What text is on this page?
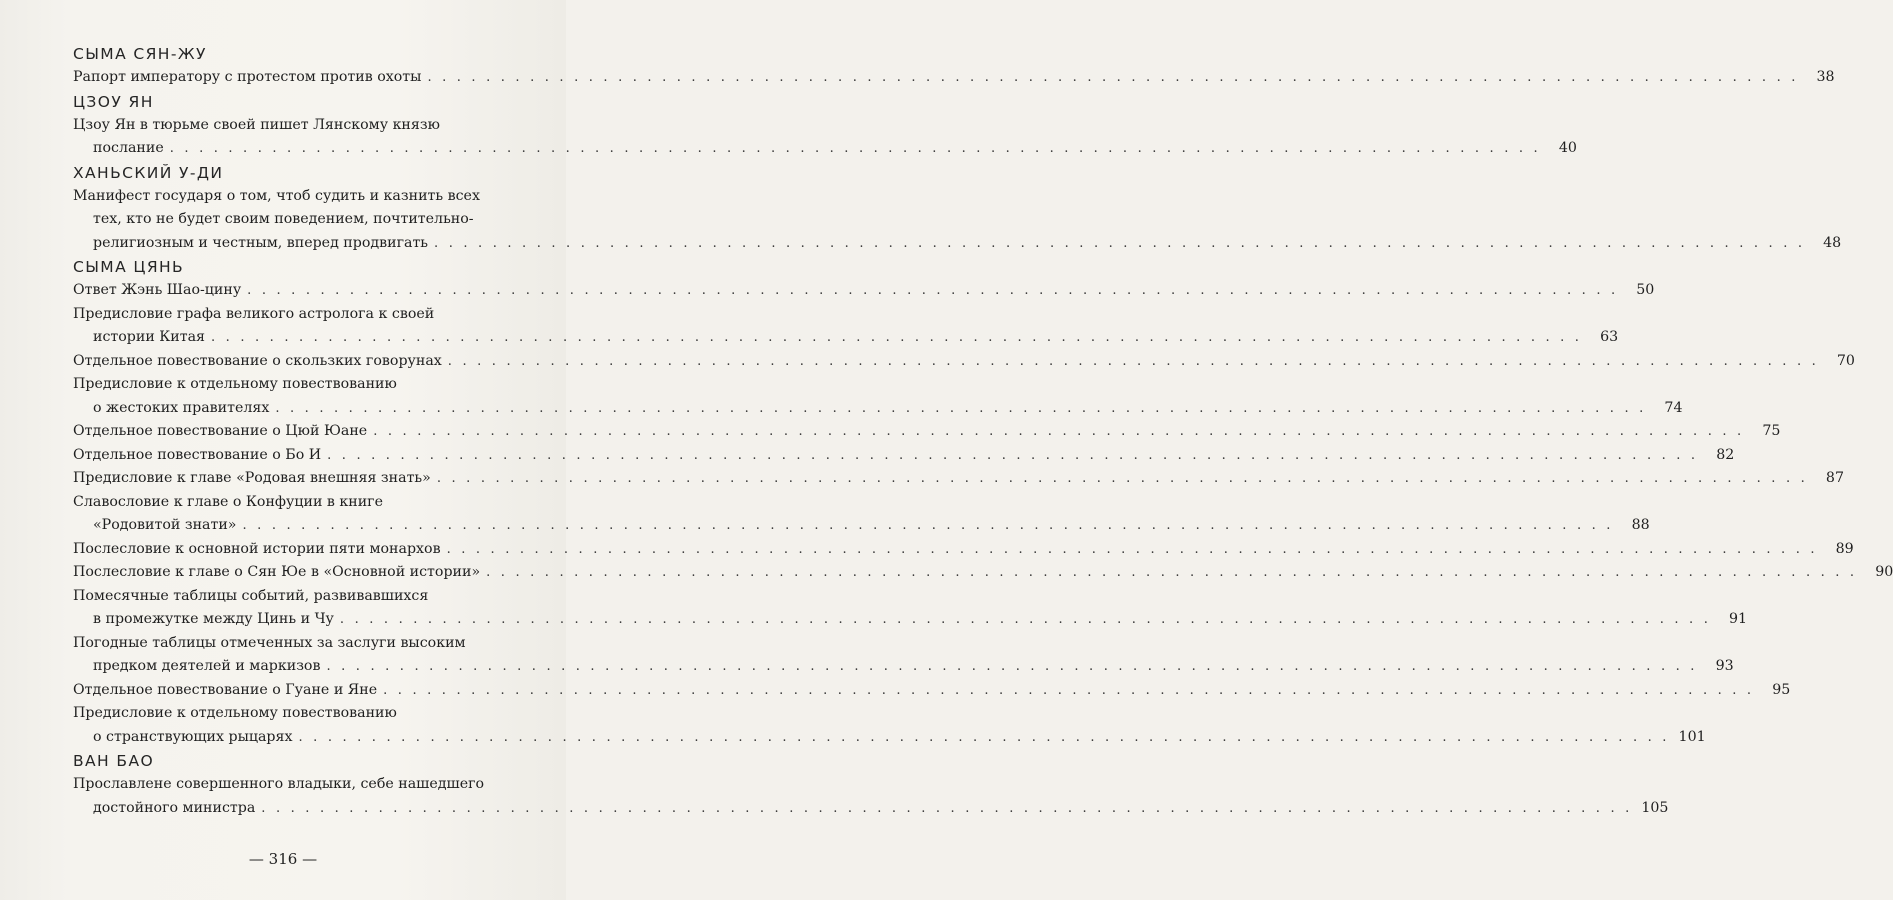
СЫМА СЯН-ЖУ
Рапорт императору с протестом против охоты . . . . . . . . . . . . . . . . . . . . . . . . . . . . . . . . . . . . . . . . . . . . . . . . . . . . . . . . . . . . . . . . . . . . . . . . . . . . . . . . . . . . . . . . . . . . . .	38
ЦЗОУ ЯН
Цзоу Ян в тюрьме своей пишет Лянскому князю
послание . . . . . . . . . . . . . . . . . . . . . . . . . . . . . . . . . . . . . . . . . . . . . . . . . . . . . . . . . . . . . . . . . . . . . . . . . . . . . . . . . . . . . . . . . . . . . .	40
ХАНЬСКИЙ У-ДИ
Манифест государя о том, чтоб судить и казнить всех
тех, кто не будет своим поведением, почтительно-
религиозным и честным, вперед продвигать . . . . . . . . . . . . . . . . . . . . . . . . . . . . . . . . . . . . . . . . . . . . . . . . . . . . . . . . . . . . . . . . . . . . . . . . . . . . . . . . . . . . . . . . . . . . . .	48
СЫМА ЦЯНЬ
Ответ Жэнь Шао-цину . . . . . . . . . . . . . . . . . . . . . . . . . . . . . . . . . . . . . . . . . . . . . . . . . . . . . . . . . . . . . . . . . . . . . . . . . . . . . . . . . . . . . . . . . . . . . .	50
Предисловие графа великого астролога к своей
истории Китая . . . . . . . . . . . . . . . . . . . . . . . . . . . . . . . . . . . . . . . . . . . . . . . . . . . . . . . . . . . . . . . . . . . . . . . . . . . . . . . . . . . . . . . . . . . . . .	63
Отдельное повествование о скользких говорунах . . . . . . . . . . . . . . . . . . . . . . . . . . . . . . . . . . . . . . . . . . . . . . . . . . . . . . . . . . . . . . . . . . . . . . . . . . . . . . . . . . . . . . . . . . . . . .	70
Предисловие к отдельному повествованию
о жестоких правителях . . . . . . . . . . . . . . . . . . . . . . . . . . . . . . . . . . . . . . . . . . . . . . . . . . . . . . . . . . . . . . . . . . . . . . . . . . . . . . . . . . . . . . . . . . . . . .	74
Отдельное повествование о Цюй Юане . . . . . . . . . . . . . . . . . . . . . . . . . . . . . . . . . . . . . . . . . . . . . . . . . . . . . . . . . . . . . . . . . . . . . . . . . . . . . . . . . . . . . . . . . . . . . .	75
Отдельное повествование о Бо И . . . . . . . . . . . . . . . . . . . . . . . . . . . . . . . . . . . . . . . . . . . . . . . . . . . . . . . . . . . . . . . . . . . . . . . . . . . . . . . . . . . . . . . . . . . . . .	82
Предисловие к главе «Родовая внешняя знать» . . . . . . . . . . . . . . . . . . . . . . . . . . . . . . . . . . . . . . . . . . . . . . . . . . . . . . . . . . . . . . . . . . . . . . . . . . . . . . . . . . . . . . . . . . . . . .	87
Славословие к главе о Конфуции в книге
«Родовитой знати» . . . . . . . . . . . . . . . . . . . . . . . . . . . . . . . . . . . . . . . . . . . . . . . . . . . . . . . . . . . . . . . . . . . . . . . . . . . . . . . . . . . . . . . . . . . . . .	88
Послесловие к основной истории пяти монархов . . . . . . . . . . . . . . . . . . . . . . . . . . . . . . . . . . . . . . . . . . . . . . . . . . . . . . . . . . . . . . . . . . . . . . . . . . . . . . . . . . . . . . . . . . . . . .	89
Послесловие к главе о Сян Юе в «Основной истории» . . . . . . . . . . . . . . . . . . . . . . . . . . . . . . . . . . . . . . . . . . . . . . . . . . . . . . . . . . . . . . . . . . . . . . . . . . . . . . . . . . . . . . . . . . . . . .	90
Помесячные таблицы событий, развивавшихся
в промежутке между Цинь и Чу . . . . . . . . . . . . . . . . . . . . . . . . . . . . . . . . . . . . . . . . . . . . . . . . . . . . . . . . . . . . . . . . . . . . . . . . . . . . . . . . . . . . . . . . . . . . . .	91
Погодные таблицы отмеченных за заслуги высоким
предком деятелей и маркизов . . . . . . . . . . . . . . . . . . . . . . . . . . . . . . . . . . . . . . . . . . . . . . . . . . . . . . . . . . . . . . . . . . . . . . . . . . . . . . . . . . . . . . . . . . . . . .	93
Отдельное повествование о Гуане и Яне . . . . . . . . . . . . . . . . . . . . . . . . . . . . . . . . . . . . . . . . . . . . . . . . . . . . . . . . . . . . . . . . . . . . . . . . . . . . . . . . . . . . . . . . . . . . . .	95
Предисловие к отдельному повествованию
о странствующих рыцарях . . . . . . . . . . . . . . . . . . . . . . . . . . . . . . . . . . . . . . . . . . . . . . . . . . . . . . . . . . . . . . . . . . . . . . . . . . . . . . . . . . . . . . . . . . . . . . 101
ВАН БАО
Прославлене совершенного владыки, себе нашедшего
достойного министра . . . . . . . . . . . . . . . . . . . . . . . . . . . . . . . . . . . . . . . . . . . . . . . . . . . . . . . . . . . . . . . . . . . . . . . . . . . . . . . . . . . . . . . . . . . . . . 105
— 316 —
